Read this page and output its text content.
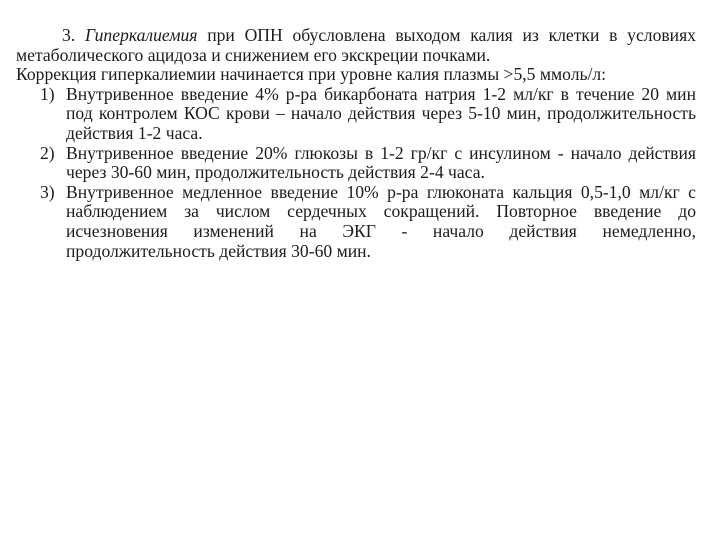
3. Гиперкалиемия при ОПН обусловлена выходом калия из клетки в условиях метаболического ацидоза и снижением его экскреции почками.

Коррекция гиперкалиемии начинается при уровне калия плазмы >5,5 ммоль/л:

1) Внутривенное введение 4% р-ра бикарбоната натрия 1-2 мл/кг в течение 20 мин под контролем КОС крови – начало действия через 5-10 мин, продолжительность действия 1-2 часа.
2) Внутривенное введение 20% глюкозы в 1-2 гр/кг с инсулином - начало действия через 30-60 мин, продолжительность действия 2-4 часа.
3) Внутривенное медленное введение 10% р-ра глюконата кальция 0,5-1,0 мл/кг с наблюдением за числом сердечных сокращений. Повторное введение до исчезновения изменений на ЭКГ - начало действия немедленно, продолжительность действия 30-60 мин.
